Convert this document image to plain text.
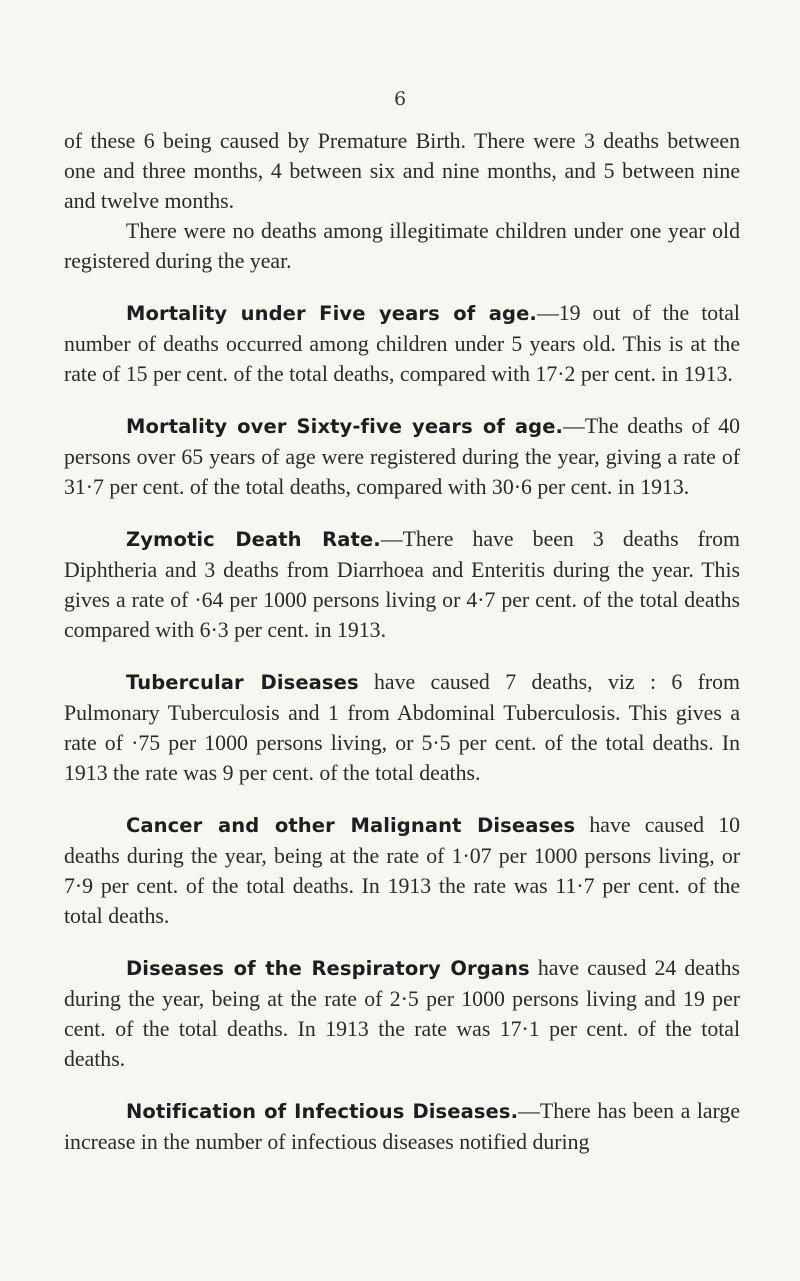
6

of these 6 being caused by Premature Birth. There were 3 deaths between one and three months, 4 between six and nine months, and 5 between nine and twelve months.

There were no deaths among illegitimate children under one year old registered during the year.

Mortality under Five years of age.—19 out of the total number of deaths occurred among children under 5 years old. This is at the rate of 15 per cent. of the total deaths, compared with 17·2 per cent. in 1913.

Mortality over Sixty-five years of age.—The deaths of 40 persons over 65 years of age were registered during the year, giving a rate of 31·7 per cent. of the total deaths, compared with 30·6 per cent. in 1913.

Zymotic Death Rate.—There have been 3 deaths from Diphtheria and 3 deaths from Diarrhoea and Enteritis during the year. This gives a rate of ·64 per 1000 persons living or 4·7 per cent. of the total deaths compared with 6·3 per cent. in 1913.

Tubercular Diseases have caused 7 deaths, viz : 6 from Pulmonary Tuberculosis and 1 from Abdominal Tuberculosis. This gives a rate of ·75 per 1000 persons living, or 5·5 per cent. of the total deaths. In 1913 the rate was 9 per cent. of the total deaths.

Cancer and other Malignant Diseases have caused 10 deaths during the year, being at the rate of 1·07 per 1000 persons living, or 7·9 per cent. of the total deaths. In 1913 the rate was 11·7 per cent. of the total deaths.

Diseases of the Respiratory Organs have caused 24 deaths during the year, being at the rate of 2·5 per 1000 persons living and 19 per cent. of the total deaths. In 1913 the rate was 17·1 per cent. of the total deaths.

Notification of Infectious Diseases.—There has been a large increase in the number of infectious diseases notified during
